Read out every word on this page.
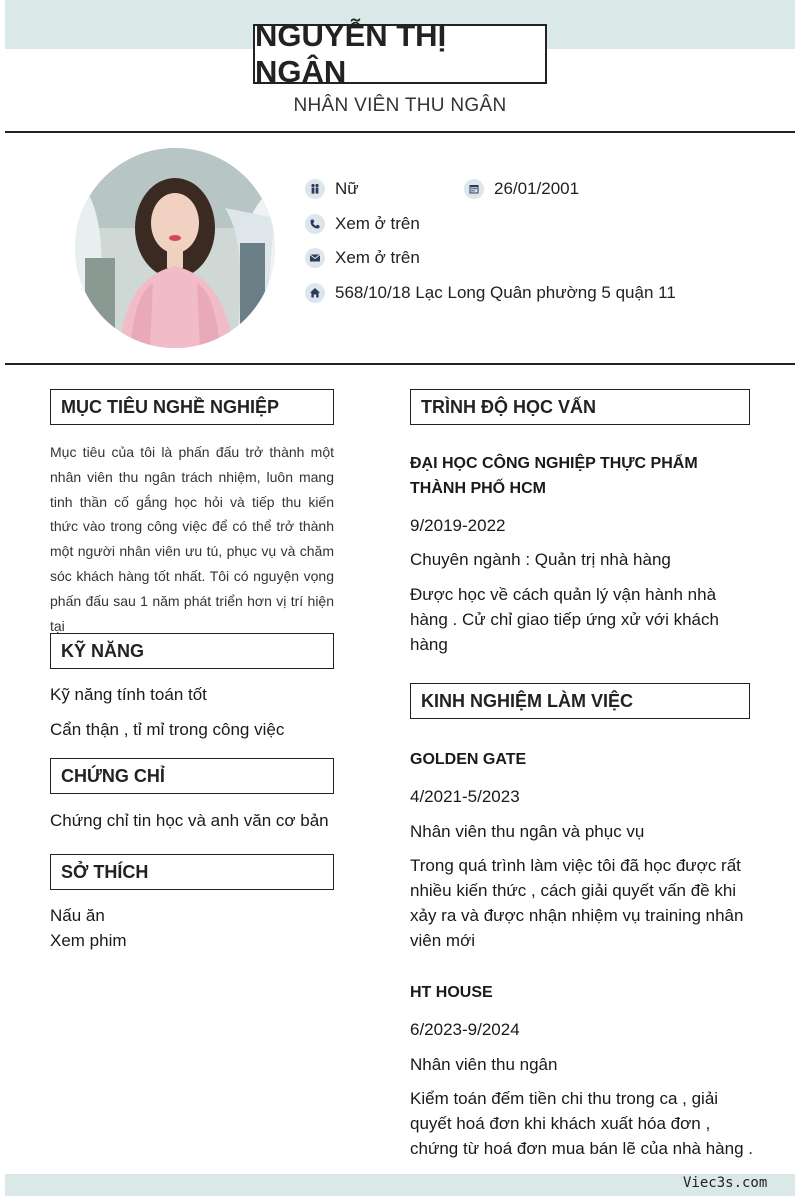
NGUYỄN THỊ NGÂN
NHÂN VIÊN THU NGÂN
Nữ	26/01/2001
Xem ở trên
Xem ở trên
568/10/18 Lạc Long Quân phường 5 quận 11
MỤC TIÊU NGHỀ NGHIỆP
Mục tiêu của tôi là phấn đấu trở thành một nhân viên thu ngân trách nhiệm, luôn mang tinh thần cố gắng học hỏi và tiếp thu kiến thức vào trong công việc để có thể trở thành một người nhân viên ưu tú, phục vụ và chăm sóc khách hàng tốt nhất. Tôi có nguyện vọng phấn đấu sau 1 năm phát triển hơn vị trí hiện tại
KỸ NĂNG
Kỹ năng tính toán tốt
Cẩn thận , tỉ mỉ trong công việc
CHỨNG CHỈ
Chứng chỉ tin học và anh văn cơ bản
SỞ THÍCH
Nấu ăn
Xem phim
TRÌNH ĐỘ HỌC VẤN
ĐẠI HỌC CÔNG NGHIỆP THỰC PHẨM
THÀNH PHỐ HCM
9/2019-2022
Chuyên ngành : Quản trị nhà hàng
Được học về cách quản lý vận hành nhà hàng . Cử chỉ giao tiếp ứng xử với khách hàng
KINH NGHIỆM LÀM VIỆC
GOLDEN GATE
4/2021-5/2023
Nhân viên thu ngân và phục vụ
Trong quá trình làm việc tôi đã học được rất nhiều kiến thức , cách giải quyết vấn đề khi xảy ra và được nhận nhiệm vụ training nhân viên mới
HT HOUSE
6/2023-9/2024
Nhân viên thu ngân
Kiểm toán đếm tiền chi thu trong ca , giải quyết hoá đơn khi khách xuất hóa đơn , chứng từ hoá đơn mua bán lẽ của nhà hàng .
Viec3s.com
